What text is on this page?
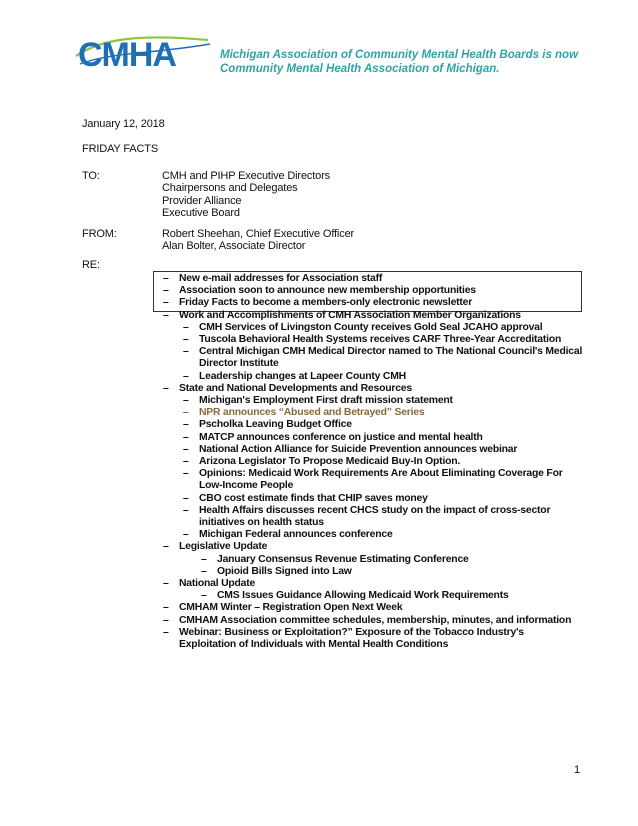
CMHA	Michigan Association of Community Mental Health Boards is now
Community Mental Health Association of Michigan.
January 12, 2018
FRIDAY FACTS
TO:	CMH and PIHP Executive Directors
Chairpersons and Delegates
Provider Alliance
Executive Board
FROM:	Robert Sheehan, Chief Executive Officer
Alan Bolter, Associate Director
RE:
– New e-mail addresses for Association staff
– Association soon to announce new membership opportunities
– Friday Facts to become a members-only electronic newsletter
– Work and Accomplishments of CMH Association Member Organizations
– CMH Services of Livingston County receives Gold Seal JCAHO approval
– Tuscola Behavioral Health Systems receives CARF Three-Year Accreditation
– Central Michigan CMH Medical Director named to The National Council's Medical Director Institute
– Leadership changes at Lapeer County CMH
– State and National Developments and Resources
– Michigan's Employment First draft mission statement
– NPR announces “Abused and Betrayed” Series
– Pscholka Leaving Budget Office
– MATCP announces conference on justice and mental health
– National Action Alliance for Suicide Prevention announces webinar
– Arizona Legislator To Propose Medicaid Buy-In Option.
– Opinions: Medicaid Work Requirements Are About Eliminating Coverage For Low-Income People
– CBO cost estimate finds that CHIP saves money
– Health Affairs discusses recent CHCS study on the impact of cross-sector initiatives on health status
– Michigan Federal announces conference
– Legislative Update
– January Consensus Revenue Estimating Conference
– Opioid Bills Signed into Law
– National Update
– CMS Issues Guidance Allowing Medicaid Work Requirements
– CMHAM Winter – Registration Open Next Week
– CMHAM Association committee schedules, membership, minutes, and information
– Webinar: Business or Exploitation?” Exposure of the Tobacco Industry's Exploitation of Individuals with Mental Health Conditions
1
